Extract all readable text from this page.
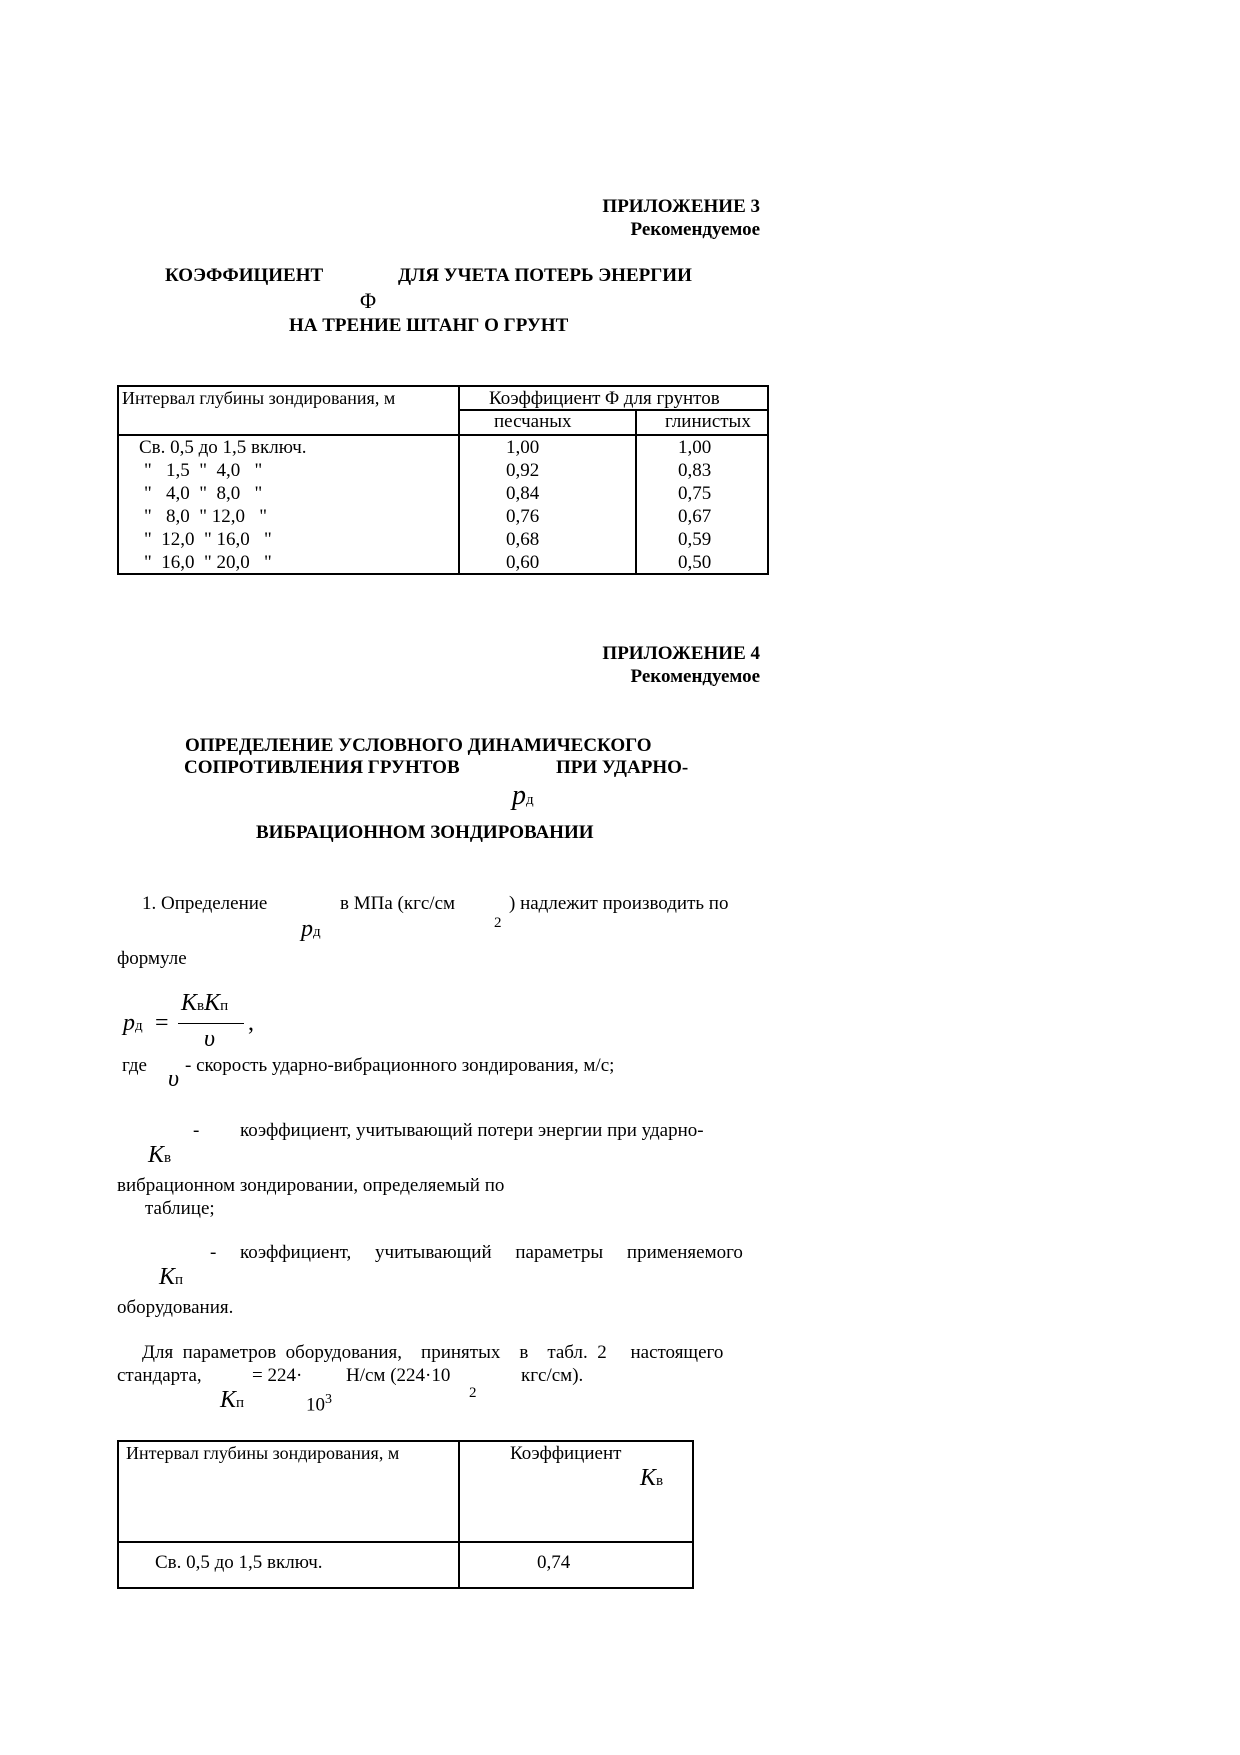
ПРИЛОЖЕНИЕ 3
Рекомендуемое
КОЭФФИЦИЕНТ	ДЛЯ УЧЕТА ПОТЕРЬ ЭНЕРГИИ
Φ
НА ТРЕНИЕ ШТАНГ О ГРУНТ
Интервал глубины зондирования, м	Коэффициент Φ для грунтов
песчаных	глинистых
Св. 0,5 до 1,5 включ.	1,00	1,00
"   1,5  "  4,0   "	0,92	0,83
"   4,0  "  8,0   "	0,84	0,75
"   8,0  " 12,0   "	0,76	0,67
"  12,0  " 16,0   "	0,68	0,59
"  16,0  " 20,0   "	0,60	0,50
ПРИЛОЖЕНИЕ 4
Рекомендуемое
ОПРЕДЕЛЕНИЕ УСЛОВНОГО ДИНАМИЧЕСКОГО
СОПРОТИВЛЕНИЯ ГРУНТОВ	ПРИ УДАРНО-
pд
ВИБРАЦИОННОМ ЗОНДИРОВАНИИ
1. Определение	в МПа (кгс/см
2
) надлежит производить по
pд
формуле
pд =
KвKп
υ
,
где
υ
- скорость ударно-вибрационного зондирования, м/с;
- коэффициент, учитывающий потери энергии при ударно-
Kв
вибрационном зондировании, определяемый по
таблице;
- коэффициент,     учитывающий     параметры     применяемого
Kп
оборудования.
Для  параметров  оборудования,    принятых    в    табл.  2     настоящего
стандарта,	= 224· Н/см (224·10	кгс/см).
Kп	$10^3$	2
Интервал глубины зондирования, м	Коэффициент
Kв
Св. 0,5 до 1,5 включ.	0,74
